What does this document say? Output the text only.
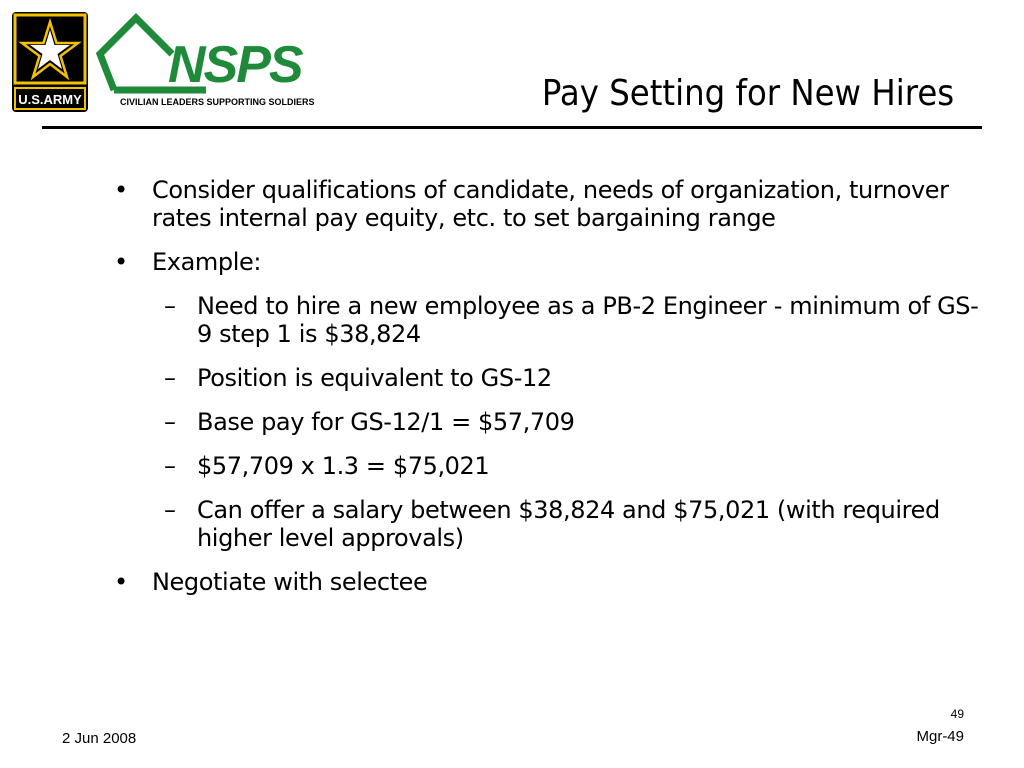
U.S.ARMY
NSPS
CIVILIAN LEADERS SUPPORTING SOLDIERS	Pay Setting for New Hires
• Consider qualifications of candidate, needs of organization, turnover rates internal pay equity, etc. to set bargaining range
• Example:
– Need to hire a new employee as a PB-2 Engineer - minimum of GS-9 step 1 is $38,824
– Position is equivalent to GS-12
– Base pay for GS-12/1 = $57,709
– $57,709 x 1.3 = $75,021
– Can offer a salary between $38,824 and $75,021 (with required higher level approvals)
• Negotiate with selectee
2 Jun 2008
49
Mgr-49
